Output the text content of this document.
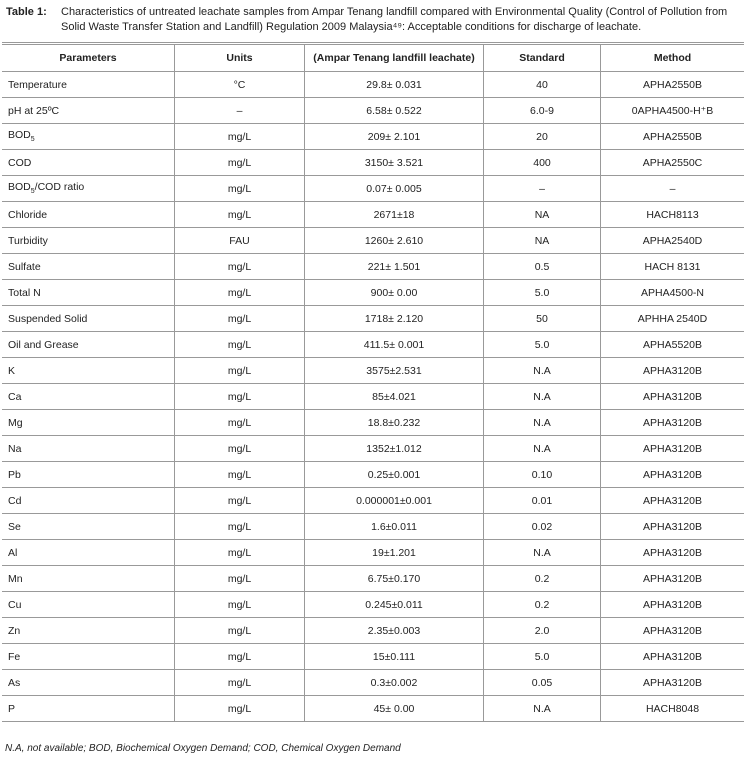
Table 1:	Characteristics of untreated leachate samples from Ampar Tenang landfill compared with Environmental Quality (Control of Pollution from Solid Waste Transfer Station and Landfill) Regulation 2009 Malaysia⁴⁹: Acceptable conditions for discharge of leachate.
Parameters	Units	(Ampar Tenang landfill leachate)	Standard	Method
Temperature	°C	29.8± 0.031	40	APHA2550B
pH at 25ºC	–	6.58± 0.522	6.0-9	0APHA4500-H⁺B
$BOD_5$	mg/L	209± 2.101	20	APHA2550B
COD	mg/L	3150± 3.521	400	APHA2550C
$BOD_5$/COD ratio	mg/L	0.07± 0.005	–	–
Chloride	mg/L	2671±18	NA	HACH8113
Turbidity	FAU	1260± 2.610	NA	APHA2540D
Sulfate	mg/L	221± 1.501	0.5	HACH 8131
Total N	mg/L	900± 0.00	5.0	APHA4500-N
Suspended Solid	mg/L	1718± 2.120	50	APHHA 2540D
Oil and Grease	mg/L	411.5± 0.001	5.0	APHA5520B
K	mg/L	3575±2.531	N.A	APHA3120B
Ca	mg/L	85±4.021	N.A	APHA3120B
Mg	mg/L	18.8±0.232	N.A	APHA3120B
Na	mg/L	1352±1.012	N.A	APHA3120B
Pb	mg/L	0.25±0.001	0.10	APHA3120B
Cd	mg/L	0.000001±0.001	0.01	APHA3120B
Se	mg/L	1.6±0.011	0.02	APHA3120B
Al	mg/L	19±1.201	N.A	APHA3120B
Mn	mg/L	6.75±0.170	0.2	APHA3120B
Cu	mg/L	0.245±0.011	0.2	APHA3120B
Zn	mg/L	2.35±0.003	2.0	APHA3120B
Fe	mg/L	15±0.111	5.0	APHA3120B
As	mg/L	0.3±0.002	0.05	APHA3120B
P	mg/L	45± 0.00	N.A	HACH8048
N.A, not available; BOD, Biochemical Oxygen Demand; COD, Chemical Oxygen Demand
